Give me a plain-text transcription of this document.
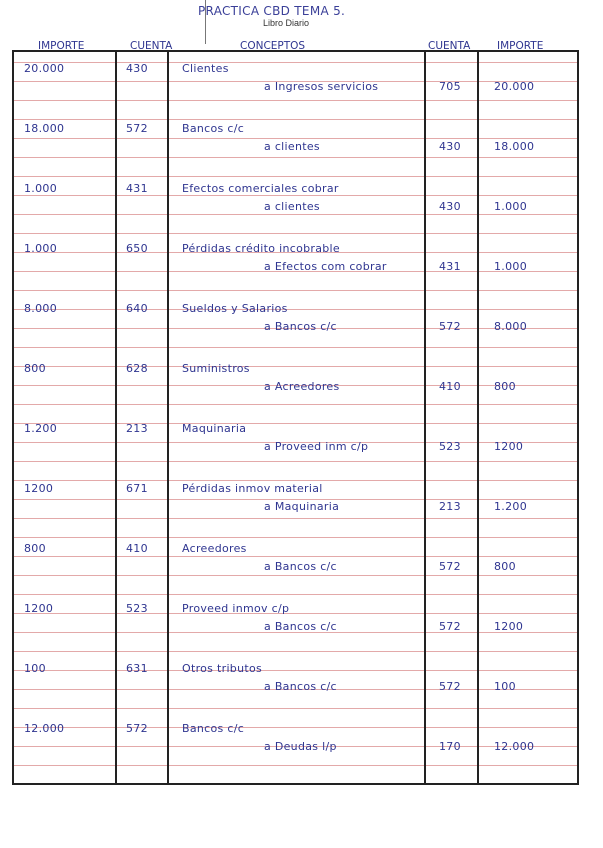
PRACTICA CBD TEMA 5.
Libro Diario
IMPORTE	CUENTA	CONCEPTOS	CUENTA	IMPORTE
20.000	430	Clientes
a Ingresos servicios	705	20.000
18.000	572	Bancos c/c
a clientes	430	18.000
1.000	431	Efectos comerciales cobrar
a clientes	430	1.000
1.000	650	Pérdidas crédito incobrable
a Efectos com cobrar	431	1.000
8.000	640	Sueldos y Salarios
a Bancos c/c	572	8.000
800	628	Suministros
a Acreedores	410	800
1.200	213	Maquinaria
a Proveed inm c/p	523	1200
1200	671	Pérdidas inmov material
a Maquinaria	213	1.200
800	410	Acreedores
a Bancos c/c	572	800
1200	523	Proveed inmov c/p
a Bancos c/c	572	1200
100	631	Otros tributos
a Bancos c/c	572	100
12.000	572	Bancos c/c
a Deudas l/p	170	12.000
